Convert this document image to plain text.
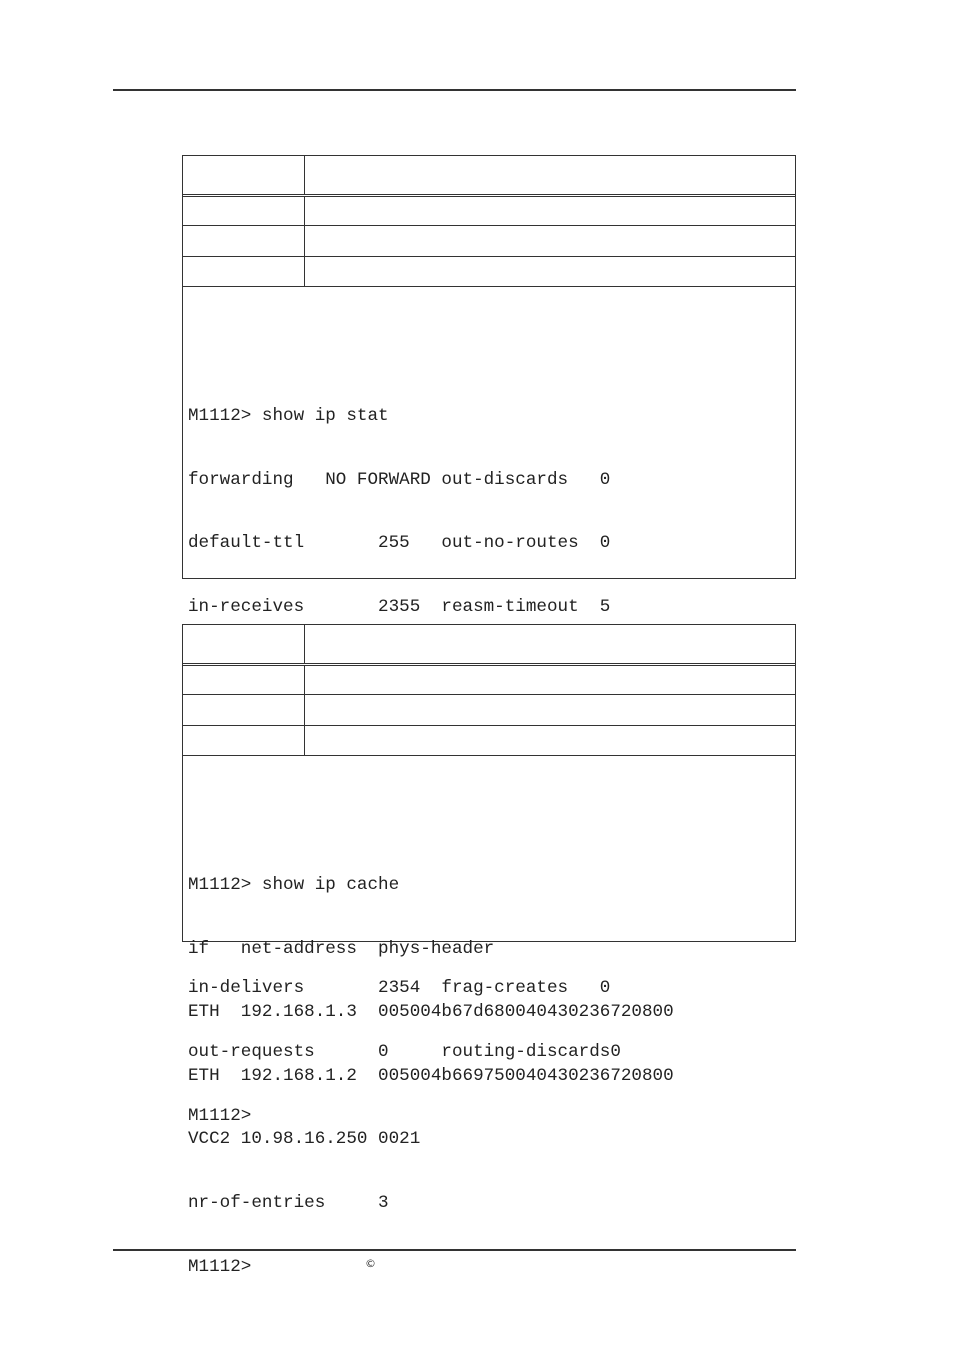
M1112> show ip stat

forwarding   NO FORWARD out-discards   0

default-ttl       255   out-no-routes  0

in-receives       2355  reasm-timeout  5

in-delivers       2354  frag-creates   0

out-requests      0     routing-discards0

M1112>

M1112> show ip cache

if   net-address  phys-header

ETH  192.168.1.3  005004b67d680040430236720800

ETH  192.168.1.2  005004b669750040430236720800

VCC2 10.98.16.250 0021

nr-of-entries     3

M1112>

	©
